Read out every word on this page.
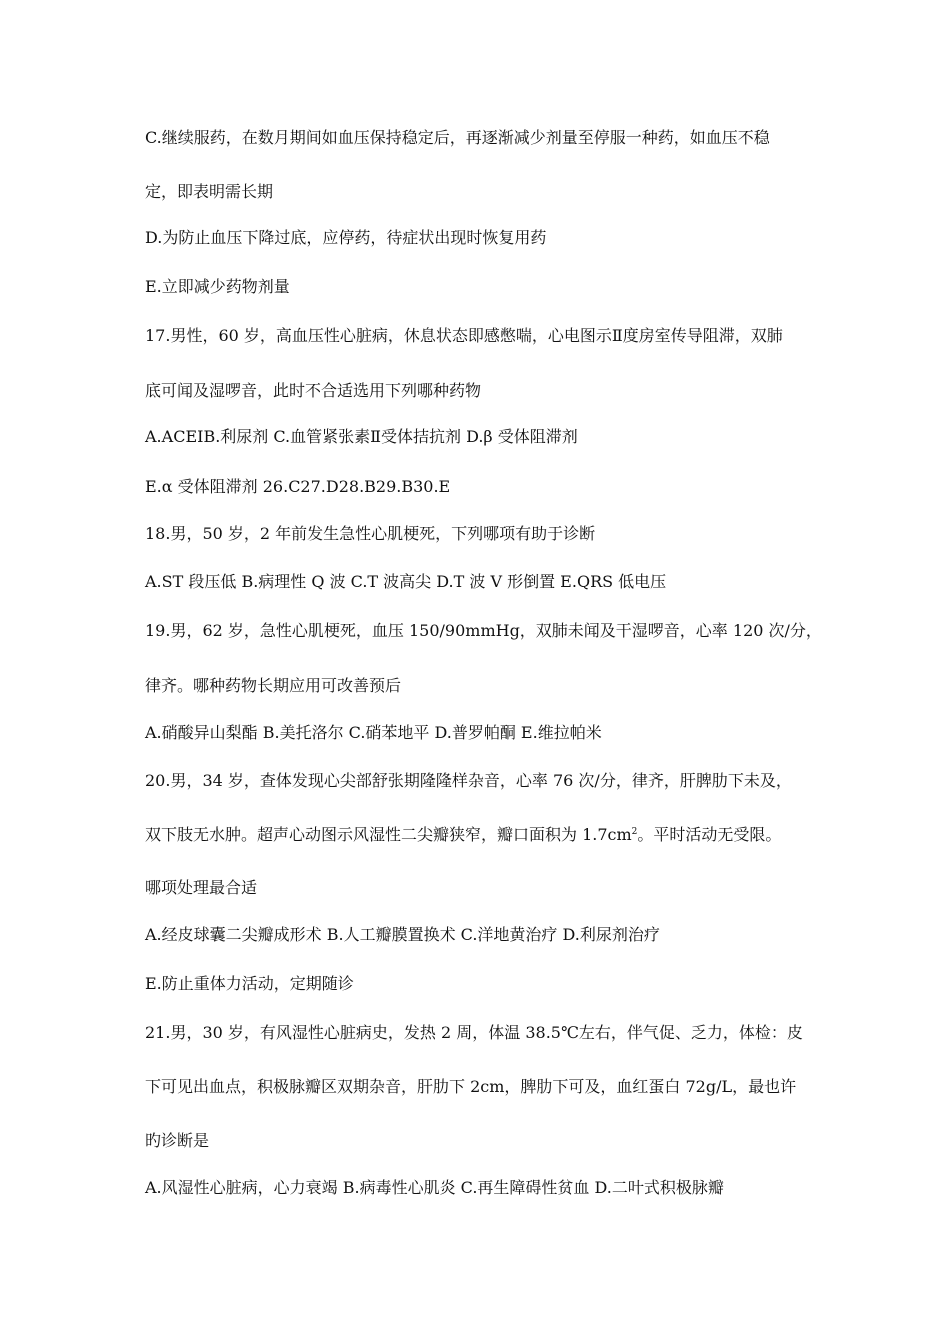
C.继续服药，在数月期间如血压保持稳定后，再逐渐减少剂量至停服一种药，如血压不稳
定，即表明需长期
D.为防止血压下降过底，应停药，待症状出现时恢复用药
E.立即减少药物剂量
17.男性，60 岁，高血压性心脏病，休息状态即感憋喘，心电图示Ⅱ度房室传导阻滞，双肺
底可闻及湿啰音，此时不合适选用下列哪种药物
A.ACEIB.利尿剂 C.血管紧张素Ⅱ受体拮抗剂 D.β 受体阻滞剂
E.α 受体阻滞剂 26.C27.D28.B29.B30.E
18.男，50 岁，2 年前发生急性心肌梗死，下列哪项有助于诊断
A.ST 段压低 B.病理性 Q 波 C.T 波高尖 D.T 波 V 形倒置 E.QRS 低电压
19.男，62 岁，急性心肌梗死，血压 150/90mmHg，双肺未闻及干湿啰音，心率 120 次/分，
律齐。哪种药物长期应用可改善预后
A.硝酸异山梨酯 B.美托洛尔 C.硝苯地平 D.普罗帕酮 E.维拉帕米
20.男，34 岁，查体发现心尖部舒张期隆隆样杂音，心率 76 次/分，律齐，肝脾肋下未及，
双下肢无水肿。超声心动图示风湿性二尖瓣狭窄，瓣口面积为 $1.7cm^2$。平时活动无受限。
哪项处理最合适
A.经皮球囊二尖瓣成形术 B.人工瓣膜置换术 C.洋地黄治疗 D.利尿剂治疗
E.防止重体力活动，定期随诊
21.男，30 岁，有风湿性心脏病史，发热 2 周，体温 38.5℃左右，伴气促、乏力，体检：皮
下可见出血点，积极脉瓣区双期杂音，肝肋下 2cm，脾肋下可及，血红蛋白 72g/L，最也许
旳诊断是
A.风湿性心脏病，心力衰竭 B.病毒性心肌炎 C.再生障碍性贫血 D.二叶式积极脉瓣
